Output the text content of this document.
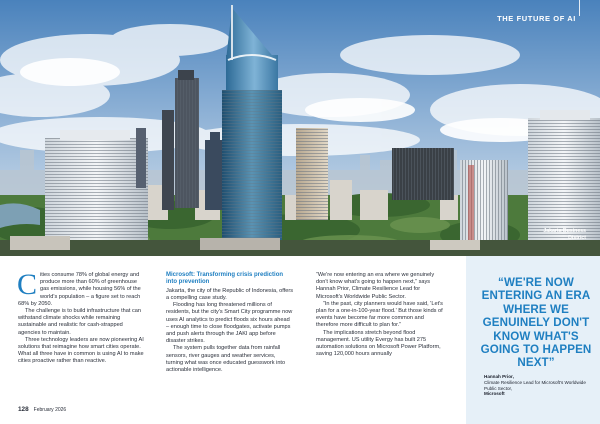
THE FUTURE OF AI
Jakarta Business
District

Cities consume 78% of global energy and produce more than 60% of greenhouse gas emissions, while housing 56% of the world's population – a figure set to reach 68% by 2050.

The challenge is to build infrastructure that can withstand climate shocks while remaining sustainable and realistic for cash-strapped agencies to maintain.

Three technology leaders are now pioneering AI solutions that reimagine how smart cities operate. What all three have in common is using AI to make cities proactive rather than reactive.

Microsoft: Transforming crisis prediction into prevention

Jakarta, the city of the Republic of Indonesia, offers a compelling case study.

Flooding has long threatened millions of residents, but the city's Smart City programme now uses AI analytics to predict floods six hours ahead – enough time to close floodgates, activate pumps and push alerts through the JAKI app before disaster strikes.

The system pulls together data from rainfall sensors, river gauges and weather services, turning what was once educated guesswork into actionable intelligence.

“We're now entering an era where we genuinely don't know what's going to happen next,” says Hannah Prior, Climate Resilience Lead for Microsoft's Worldwide Public Sector.

“In the past, city planners would have said, 'Let's plan for a one-in-100-year flood.' But those kinds of events have become far more common and therefore more difficult to plan for.”

The implications stretch beyond flood management. US utility Evergy has built 275 automation solutions on Microsoft Power Platform, saving 120,000 hours annually

“WE'RE NOW ENTERING AN ERA WHERE WE GENUINELY DON'T KNOW WHAT'S GOING TO HAPPEN NEXT”
Hannah Prior,
Climate Resilience Lead for Microsoft's Worldwide Public Sector,
Microsoft
128 February 2026
